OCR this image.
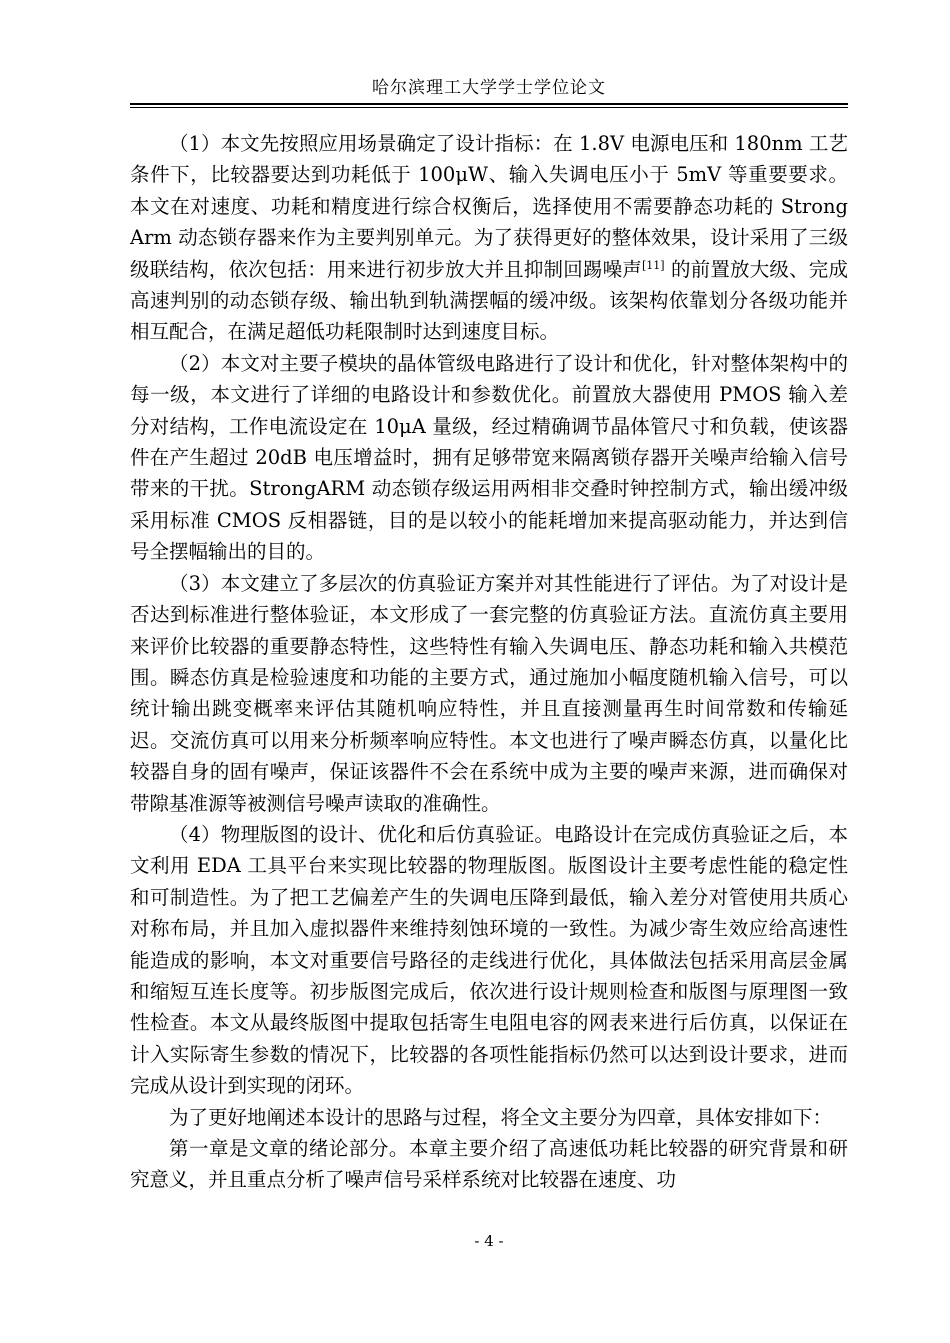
哈尔滨理工大学学士学位论文

（1）本文先按照应用场景确定了设计指标：在 1.8V 电源电压和 180nm 工艺条件下，比较器要达到功耗低于 100μW、输入失调电压小于 5mV 等重要要求。本文在对速度、功耗和精度进行综合权衡后，选择使用不需要静态功耗的 Strong Arm 动态锁存器来作为主要判别单元。为了获得更好的整体效果，设计采用了三级级联结构，依次包括：用来进行初步放大并且抑制回踢噪声[11] 的前置放大级、完成高速判别的动态锁存级、输出轨到轨满摆幅的缓冲级。该架构依靠划分各级功能并相互配合，在满足超低功耗限制时达到速度目标。

（2）本文对主要子模块的晶体管级电路进行了设计和优化，针对整体架构中的每一级，本文进行了详细的电路设计和参数优化。前置放大器使用 PMOS 输入差分对结构，工作电流设定在 10μA 量级，经过精确调节晶体管尺寸和负载，使该器件在产生超过 20dB 电压增益时，拥有足够带宽来隔离锁存器开关噪声给输入信号带来的干扰。StrongARM 动态锁存级运用两相非交叠时钟控制方式，输出缓冲级采用标准 CMOS 反相器链，目的是以较小的能耗增加来提高驱动能力，并达到信号全摆幅输出的目的。

（3）本文建立了多层次的仿真验证方案并对其性能进行了评估。为了对设计是否达到标准进行整体验证，本文形成了一套完整的仿真验证方法。直流仿真主要用来评价比较器的重要静态特性，这些特性有输入失调电压、静态功耗和输入共模范围。瞬态仿真是检验速度和功能的主要方式，通过施加小幅度随机输入信号，可以统计输出跳变概率来评估其随机响应特性，并且直接测量再生时间常数和传输延迟。交流仿真可以用来分析频率响应特性。本文也进行了噪声瞬态仿真，以量化比较器自身的固有噪声，保证该器件不会在系统中成为主要的噪声来源，进而确保对带隙基准源等被测信号噪声读取的准确性。

（4）物理版图的设计、优化和后仿真验证。电路设计在完成仿真验证之后，本文利用 EDA 工具平台来实现比较器的物理版图。版图设计主要考虑性能的稳定性和可制造性。为了把工艺偏差产生的失调电压降到最低，输入差分对管使用共质心对称布局，并且加入虚拟器件来维持刻蚀环境的一致性。为减少寄生效应给高速性能造成的影响，本文对重要信号路径的走线进行优化，具体做法包括采用高层金属和缩短互连长度等。初步版图完成后，依次进行设计规则检查和版图与原理图一致性检查。本文从最终版图中提取包括寄生电阻电容的网表来进行后仿真，以保证在计入实际寄生参数的情况下，比较器的各项性能指标仍然可以达到设计要求，进而完成从设计到实现的闭环。

为了更好地阐述本设计的思路与过程，将全文主要分为四章，具体安排如下：

第一章是文章的绪论部分。本章主要介绍了高速低功耗比较器的研究背景和研究意义，并且重点分析了噪声信号采样系统对比较器在速度、功

- 4 -
